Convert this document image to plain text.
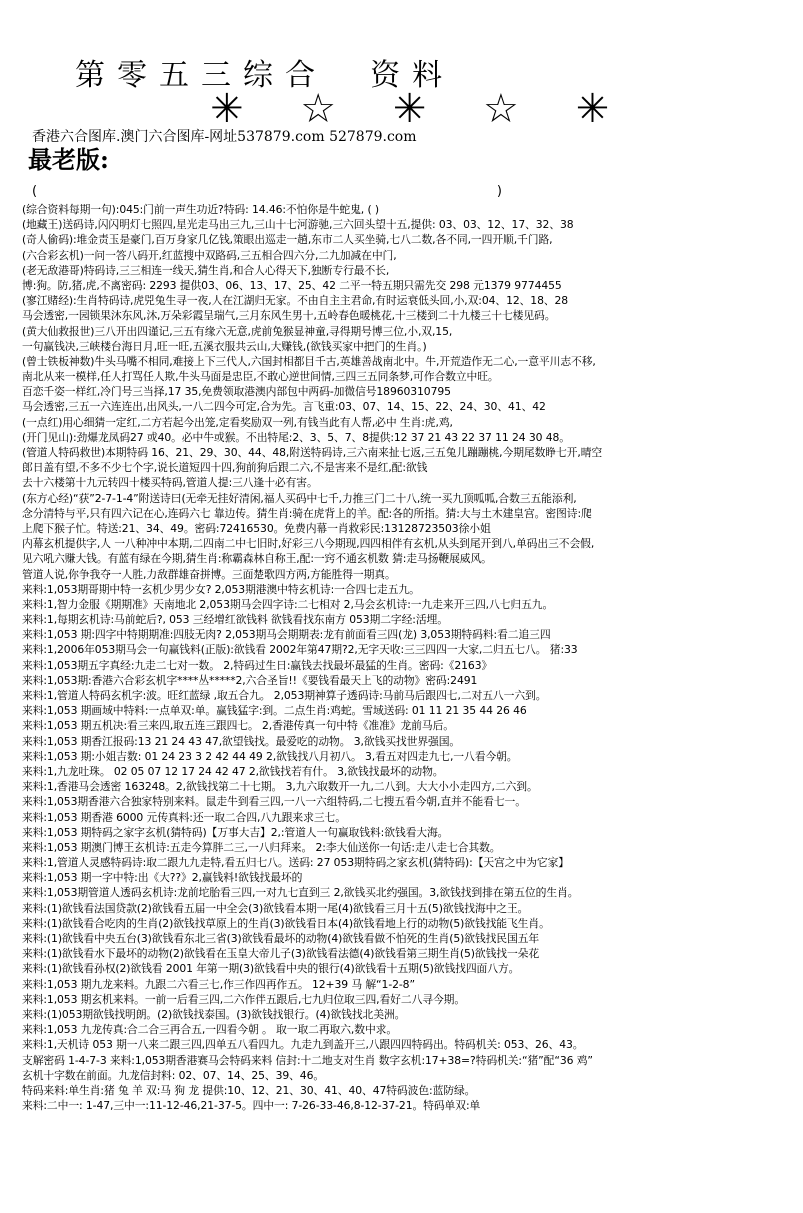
第零五三综合  资料
✳ ☆ ✳ ☆ ✳
香港六合图库.澳门六合图库-网址537879.com 527879.com
最老版:
(	)
(综合资料每期一句):045:门前一声生功近?特码: 14.46:不怕你是牛蛇鬼, ( )
(地藏王)送码诗,闪闪明灯七照四,星光走马出三九,三山十七河游驰,三六回头望十五,提供: 03、03、12、17、32、38
(奇人偷码):堆金责玉是豪门,百万身家几亿钱,策眼出巡走一趟,东市二人买坐骑,七八二数,各不同,一四开顺,千门路,
(六合彩玄机)一问一答八码开,红蓝搜中双路码,三五相合四六分,二九加减在中门,
(老无敌港哥)特码诗,三三相连一线天,猜生肖,和合人心得天下,独断专行最不长,
博:狗。防,猪,虎,不离密码: 2293 提供03、06、13、17、25、42 二平一特五期只需先交 298 元1379 9774455
(寥江赌经):生肖特码诗,虎兕兔生寻一夜,人在江湖归无家。不由自主主君命,有时运衰低头回,小,双:04、12、18、28
马会透密,一园锁果沐东风,沐,万朵彩霞呈瑞气,三月东风生男十,五岭春色暖桃花,十三楼到二十九楼三十七楼见码。
(黄大仙救报世)三八开出四谨记,三五有缘六无意,虎前兔猴显神童,寻得期号博三位,小,双,15,
一句赢钱决,三峡楼台海日月,旺一旺,五溪衣服共云山,大赚钱,(欲钱买家中把门的生肖。)
(曾士铁板神数)牛头马嘴不相同,难接上下三代人,六国封相都目千古,英雄善战南北中。牛,开荒造作无二心,一意平川志不移,
南北从来一模样,任人打骂任人欺,牛头马面是忠臣,不敢心逆世间情,三四三五同条梦,可作合数立中旺。
百恋千姿一样红,冷门号三当择,17 35,免费领取港澳内部包中两码-加微信号18960310795
马会透密,三五一六连连出,出风头,一八二四今可定,合为先。言飞重:03、07、14、15、22、24、30、41、42
(一点红)用心细猜一定红,二方若起今出笼,定看奖励双一列,有钱当此有人帮,必中 生肖:虎,鸡,
(开门见山):劲爆龙凤码27 或40。必中牛或猴。不出特尾:2、3、5、7、8提供:12 37 21 43 22 37 11 24 30 48。
(管道人特码救世)本期特码 16、21、29、30、44、48,附送特码诗,三六南来扯七返,三五兔儿蹦蹦桃,今期尾数睁七开,晴空
郎日盖有望,不多不少七个字,说长道短四十四,狗前狗后跟二六,不是害来不是红,配:欲钱
去十六楼第十九元转四十楼买特码,管道人提:三八逢十必有害。
(东方心经)“获”2-7-1-4”附送诗曰(无牵无挂好清闲,福人买码中七千,力推三门二十八,统一买九顶呱呱,合数三五能添利,
念分清特与平,只有四六记在心,连码六七 靠边传。猜生肖:骑在虎背上的羊。配:各的所指。猜:大与土木建皇宫。密图诗:爬
上爬下猴子忙。特送:21、34、49。密码:72416530。免费内幕一肖救彩民:13128723503徐小姐
内幕玄机提供字,人 一八种冲中本期,二四南二中七旧时,好彩三八今期现,四四相伴有玄机,从头到尾开到八,单码出三不会假,
见六吼六赚大钱。有蓝有绿在今期,猜生肖:称霸森林自称王,配:一窍不通玄机数 猜:走马扬鞭展威风。
管道人说,你争我夺一人胜,力敌群雄奋拼博。三面楚歌四方两,方能胜得一期真。
来料:1,053期哥期中特一玄机少男少女? 2,053期港澳中特玄机诗:一合四七走五九。
来料:1,智力金服《期期准》天南地北 2,053期马会四字诗:二七相对 2,马会玄机诗:一九走来开三四,八七归五九。
来料:1,每期玄机诗:马前蛇后?, 053 三经增红欲钱料 欲钱看找东南方 053期二字经:活埋。
来料:1,053 期:四字中特期期准:四肢无肉? 2,053期马会期期表:龙有前面看三四(龙) 3,053期特码料:看二追三四
来料:1,2006年053期马会一句赢钱料(正版):欲钱看 2002年第47期?2,无字天收:三三四四一大家,二归五七八。 猪:33
来料:1,053期五字真经:九走二七对一数。 2,特码过生日:赢钱去找最坏最猛的生肖。密码:《2163》
来料:1,053期:香港六合彩玄机字****丛*****2,六合圣旨!!《要钱看最天上飞的动物》密码:2491
来料:1,管道人特码玄机字:波。旺红蓝绿 ,取五合九。 2,053期神算子透码诗:马前马后跟四七,二对五八一六到。
来料:1,053 期画域中特料:一点单双:单。赢钱猛字:到。二点生肖:鸡蛇。雪域送码: 01 11 21 35 44 26 46
来料:1,053 期五机决:看三来四,取五连三跟四七。 2,香港传真一句中特《准准》龙前马后。
来料:1,053 期香江报码:13 21 24 43 47,欲望钱找。最爱吃的动物。 3,欲钱买找世界强国。
来料:1,053 期:小姐吉数: 01 24 23 3 2 42 44 49 2,欲钱找八月初八。 3,看五对四走九七,一八看今朝。
来料:1,九龙吐珠。 02 05 07 12 17 24 42 47 2,欲钱找若有什。 3,欲钱找最坏的动物。
来料:1,香港马会透密 163248。2,欲钱找第二十七期。 3,九六取数开一九,二八到。大大小小走四方,二六到。
来料:1,053期香港六合独家特别来料。鼠走牛到看三四,一八一六组特码,二七搜五看今朝,直并不能看七一。
来料:1,053 期香港 6000 元传真料:还一取二合四,八九跟来求三七。
来料:1,053 期特码之家字玄机(猜特码)【万事大吉】2,:管道人一句赢取钱料:欲钱看大海。
来料:1,053 期澳门博王玄机诗:五走今算胖二三,一八归拜来。 2:李大仙送你一句话:走八走七合其数。
来料:1,管道人灵感特码诗:取二跟九九走特,看五归七八。送码: 27 053期特码之家玄机(猜特码):【天宫之中为它家】
来料:1,053 期一字中特:出《大??》2,赢钱料!欲钱找最坏的
来料:1,053期管道人透码玄机诗:龙前坨胎看三四,一对九七直到三 2,欲钱买北约强国。3,欲钱找到排在第五位的生肖。
来料:(1)欲钱看法国贷款(2)欲钱看五届一中全会(3)欲钱看本期一尾(4)欲钱看三月十五(5)欲钱找海中之王。
来料:(1)欲钱看合吃肉的生肖(2)欲钱找草原上的生肖(3)欲钱看日本(4)欲钱看地上行的动物(5)欲钱找能飞生肖。
来料:(1)欲钱看中央五台(3)欲钱看东北三省(3)欲钱看最坏的动物(4)欲钱看做不怕死的生肖(5)欲钱找民国五年
来料:(1)欲钱看水下最坏的动物(2)欲钱看在玉皇大帝儿子(3)欲钱看法德(4)欲钱看第三期生肖(5)欲钱找一朵花
来料:(1)欲钱看孙权(2)欲钱看 2001 年第一期(3)欲钱看中央的银行(4)欲钱看十五期(5)欲钱找四面八方。
来料:1,053 期九龙来料。九跟二六看三七,作三作四再作五。 12+39 马 解“1-2-8”
来料:1,053 期玄机来料。一前一后看三四,二六作伴五跟后,七九归位取三四,看好二八寻今期。
来料:(1)053期欲钱找明朗。(2)欲钱找泰国。(3)欲钱找银行。(4)欲钱找北美洲。
来料:1,053 九龙传真:合二合三再合五,一四看今朝 。 取一取二再取六,数中求。
来料:1,天机诗 053 期一八来二跟三四,四单五八看四九。九走九到盖开三,八跟四四特码出。特码机关: 053、26、43。
支解密码 1-4-7-3 来料:1,053期香港赛马会特码来料 信封:十二地支对生肖 数字玄机:17+38=?特码机关:“猪”配“36 鸡”
玄机十字数在前面。九龙信封料: 02、07、14、25、39、46。
特码来料:单生肖:猪 兔 羊 双:马 狗 龙 提供:10、12、21、30、41、40、47特码波色:蓝防绿。
来料:二中一: 1-47,三中一:11-12-46,21-37-5。四中一: 7-26-33-46,8-12-37-21。特码单双:单
